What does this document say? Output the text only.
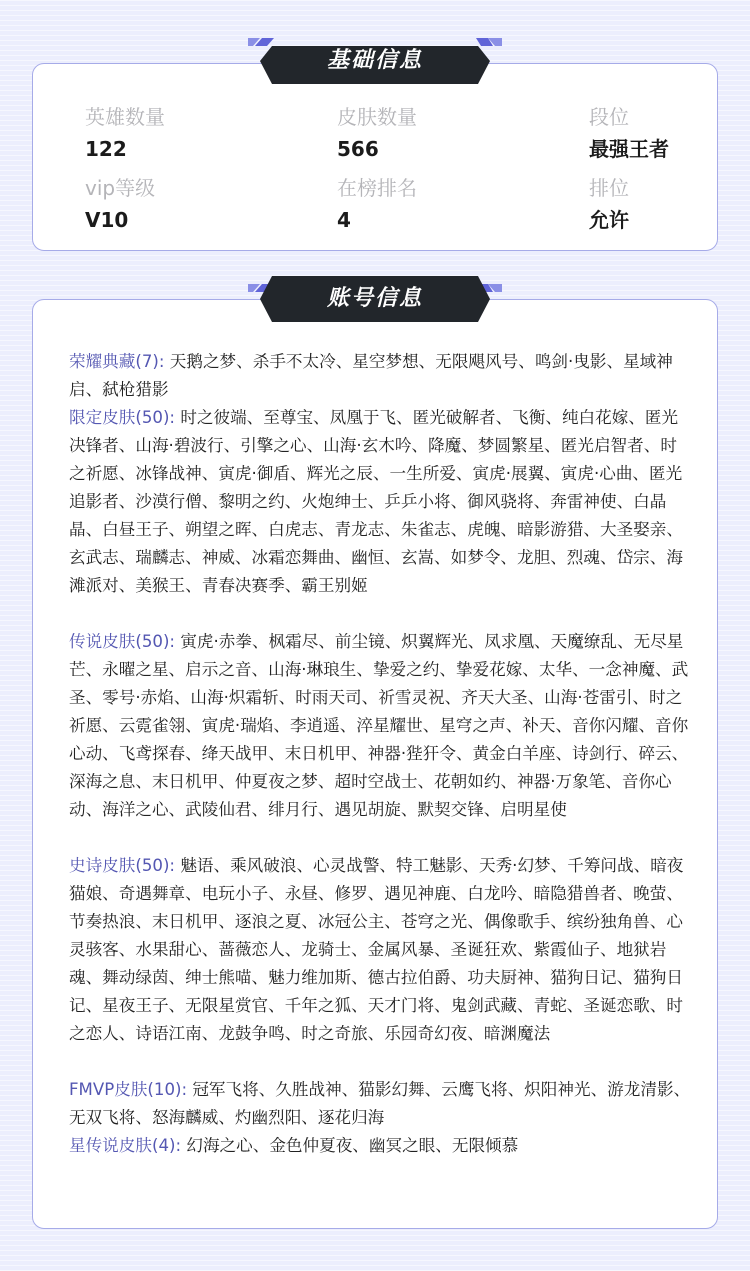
英雄数量
122
皮肤数量
566
段位
最强王者
vip等级
V10
在榜排名
4
排位
允许
基础信息
荣耀典藏(7): 天鹅之梦、杀手不太冷、星空梦想、无限飓风号、鸣剑·曳影、星域神启、弑枪猎影
限定皮肤(50): 时之彼端、至尊宝、凤凰于飞、匿光破解者、飞衡、纯白花嫁、匿光决锋者、山海·碧波行、引擎之心、山海·玄木吟、降魔、梦圆繁星、匿光启智者、时之祈愿、冰锋战神、寅虎·御盾、辉光之辰、一生所爱、寅虎·展翼、寅虎·心曲、匿光追影者、沙漠行僧、黎明之约、火炮绅士、乒乒小将、御风骁将、奔雷神使、白晶晶、白昼王子、朔望之晖、白虎志、青龙志、朱雀志、虎魄、暗影游猎、大圣娶亲、玄武志、瑞麟志、神威、冰霜恋舞曲、幽恒、玄嵩、如梦令、龙胆、烈魂、岱宗、海滩派对、美猴王、青春决赛季、霸王别姬
传说皮肤(50): 寅虎·赤拳、枫霜尽、前尘镜、炽翼辉光、凤求凰、天魔缭乱、无尽星芒、永曜之星、启示之音、山海·琳琅生、挚爱之约、挚爱花嫁、太华、一念神魔、武圣、零号·赤焰、山海·炽霜斩、时雨天司、祈雪灵祝、齐天大圣、山海·苍雷引、时之祈愿、云霓雀翎、寅虎·瑞焰、李逍遥、淬星耀世、星穹之声、补天、音你闪耀、音你心动、飞鸢探春、绛天战甲、末日机甲、神器·狴犴令、黄金白羊座、诗剑行、碎云、深海之息、末日机甲、仲夏夜之梦、超时空战士、花朝如约、神器·万象笔、音你心动、海洋之心、武陵仙君、绯月行、遇见胡旋、默契交锋、启明星使
史诗皮肤(50): 魅语、乘风破浪、心灵战警、特工魅影、天秀·幻梦、千筹问战、暗夜猫娘、奇遇舞章、电玩小子、永昼、修罗、遇见神鹿、白龙吟、暗隐猎兽者、晚萤、节奏热浪、末日机甲、逐浪之夏、冰冠公主、苍穹之光、偶像歌手、缤纷独角兽、心灵骇客、水果甜心、蔷薇恋人、龙骑士、金属风暴、圣诞狂欢、紫霞仙子、地狱岩魂、舞动绿茵、绅士熊喵、魅力维加斯、德古拉伯爵、功夫厨神、猫狗日记、猫狗日记、星夜王子、无限星赏官、千年之狐、天才门将、鬼剑武藏、青蛇、圣诞恋歌、时之恋人、诗语江南、龙鼓争鸣、时之奇旅、乐园奇幻夜、暗渊魔法
FMVP皮肤(10): 冠军飞将、久胜战神、猫影幻舞、云鹰飞将、炽阳神光、游龙清影、无双飞将、怒海麟威、灼幽烈阳、逐花归海
星传说皮肤(4): 幻海之心、金色仲夏夜、幽冥之眼、无限倾慕
账号信息
